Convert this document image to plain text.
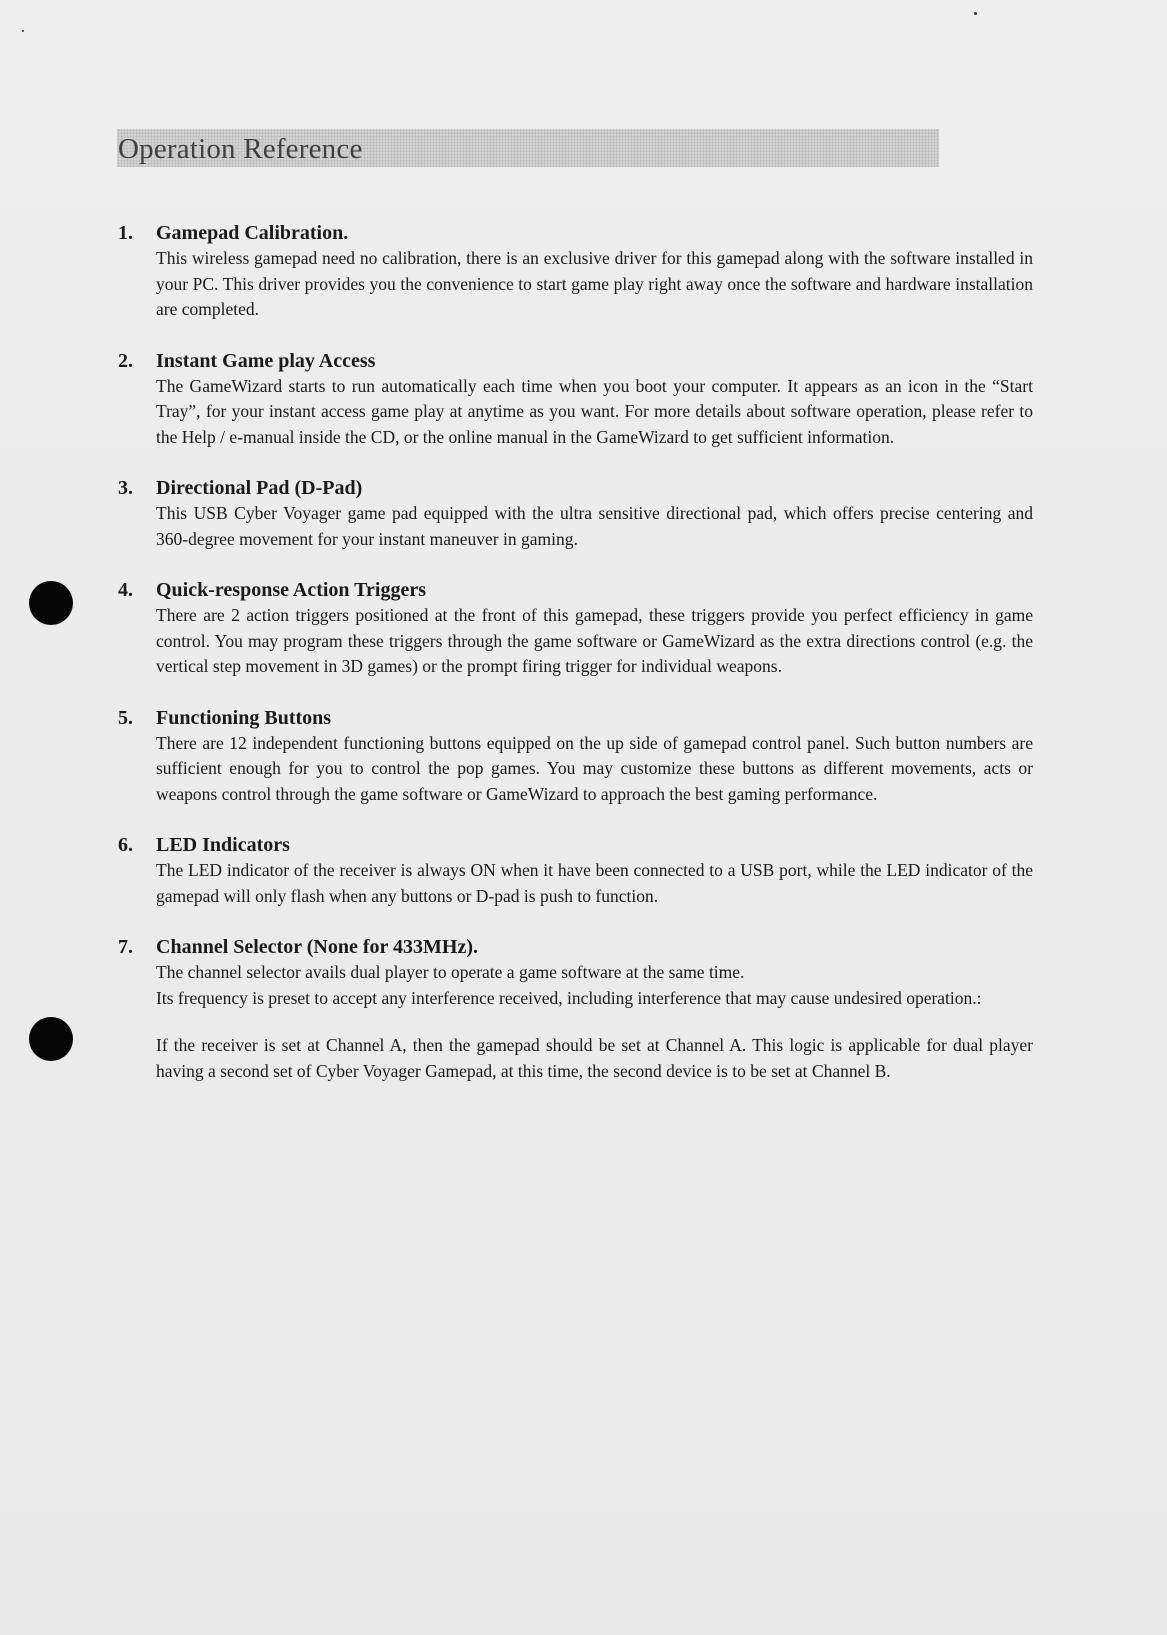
Operation Reference
1.	Gamepad Calibration.

This wireless gamepad need no calibration, there is an exclusive driver for this gamepad along with the software installed in your PC. This driver provides you the convenience to start game play right away once the software and hardware installation are completed.

2.	Instant Game play Access

The GameWizard starts to run automatically each time when you boot your computer. It appears as an icon in the “Start Tray”, for your instant access game play at anytime as you want. For more details about software operation, please refer to the Help / e-manual inside the CD, or the online manual in the GameWizard to get sufficient information.

3.	Directional Pad (D-Pad)

This USB Cyber Voyager game pad equipped with the ultra sensitive directional pad, which offers precise centering and 360-degree movement for your instant maneuver in gaming.

4.	Quick-response Action Triggers

There are 2 action triggers positioned at the front of this gamepad, these triggers provide you perfect efficiency in game control. You may program these triggers through the game software or GameWizard as the extra directions control (e.g. the vertical step movement in 3D games) or the prompt firing trigger for individual weapons.

5.	Functioning Buttons

There are 12 independent functioning buttons equipped on the up side of gamepad control panel. Such button numbers are sufficient enough for you to control the pop games. You may customize these buttons as different movements, acts or weapons control through the game software or GameWizard to approach the best gaming performance.

6.	LED Indicators

The LED indicator of the receiver is always ON when it have been connected to a USB port, while the LED indicator of the gamepad will only flash when any buttons or D-pad is push to function.

7.	Channel Selector (None for 433MHz).

The channel selector avails dual player to operate a game software at the same time.

Its frequency is preset to accept any interference received, including interference that may cause undesired operation.:

If the receiver is set at Channel A, then the gamepad should be set at Channel A. This logic is applicable for dual player having a second set of Cyber Voyager Gamepad, at this time, the second device is to be set at Channel B.
